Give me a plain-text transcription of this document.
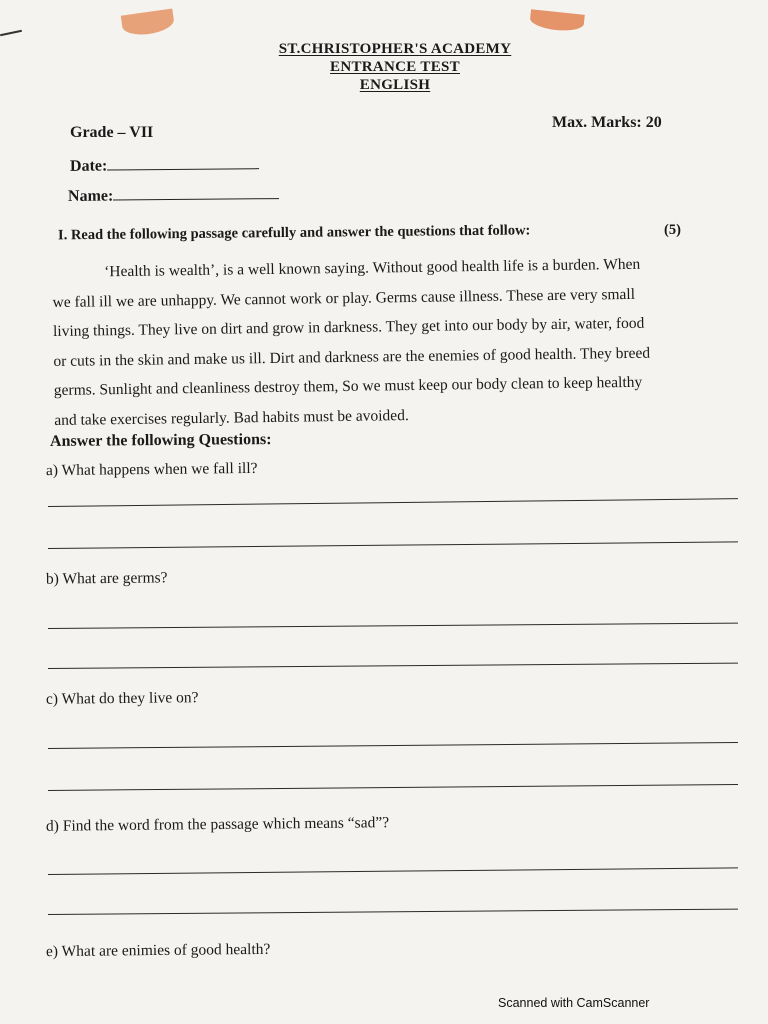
ST.CHRISTOPHER'S ACADEMY
ENTRANCE TEST
ENGLISH
Grade – VII
Max. Marks: 20
Date:
Name:
I. Read the following passage carefully and answer the questions that follow:	(5)
‘Health is wealth’, is a well known saying. Without good health life is a burden. When
we fall ill we are unhappy. We cannot work or play. Germs cause illness. These are very small
living things. They live on dirt and grow in darkness. They get into our body by air, water, food
or cuts in the skin and make us ill. Dirt and darkness are the enemies of good health. They breed
germs. Sunlight and cleanliness destroy them, So we must keep our body clean to keep healthy
and take exercises regularly. Bad habits must be avoided.
Answer the following Questions:
a) What happens when we fall ill?
b) What are germs?
c) What do they live on?
d) Find the word from the passage which means “sad”?
e) What are enimies of good health?
Scanned with CamScanner
